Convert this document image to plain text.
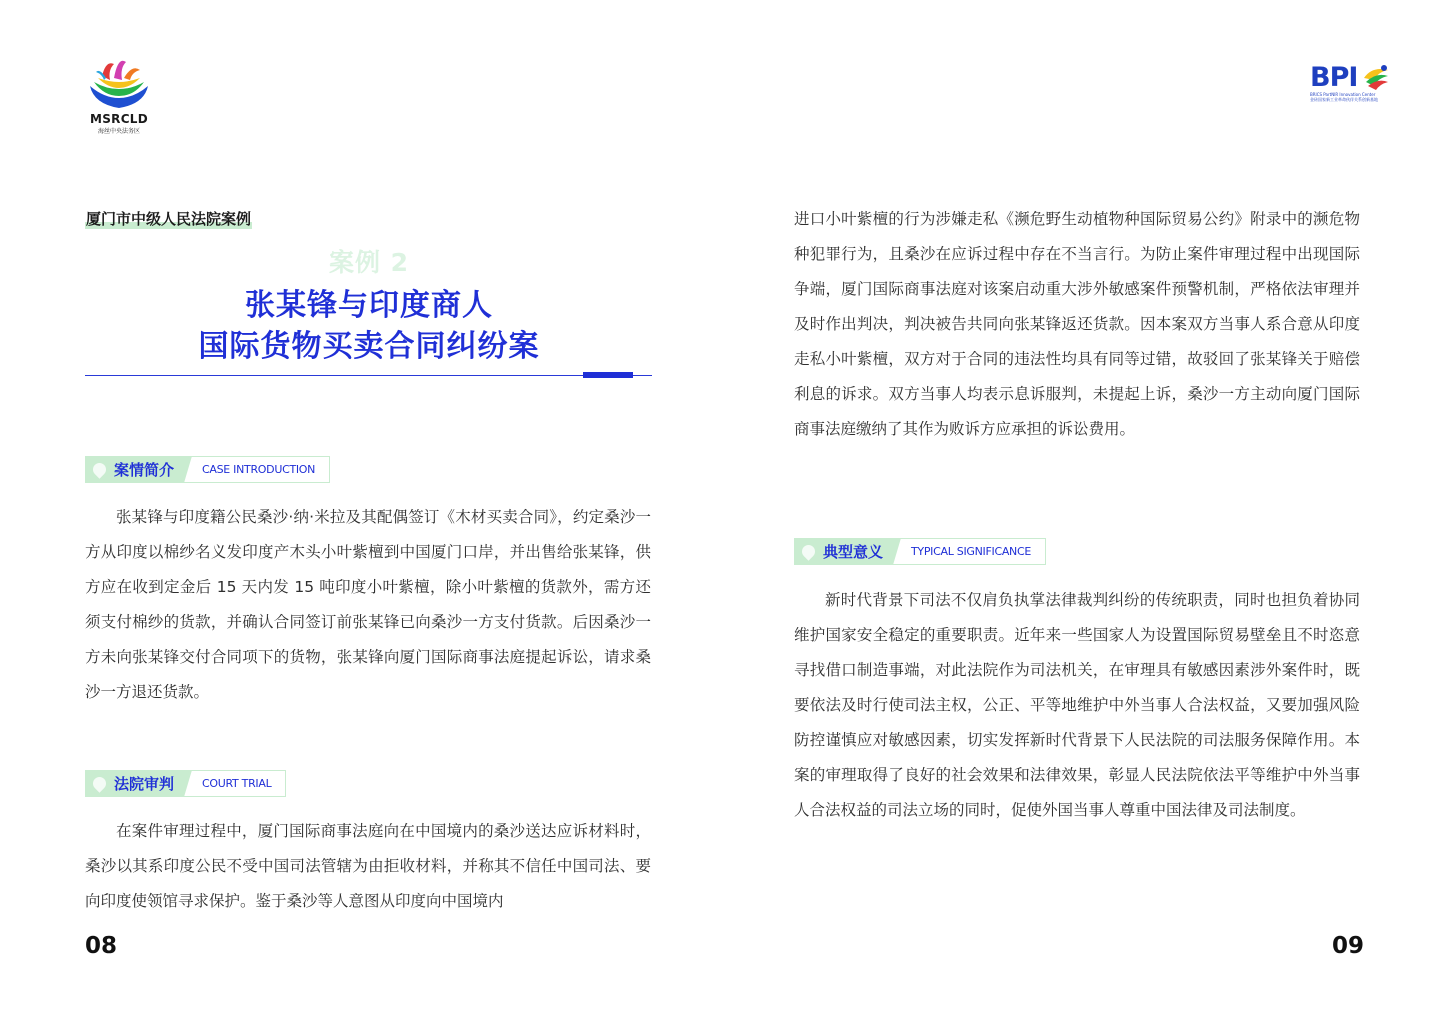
MSRCLD
海丝中央法务区
厦门市中级人民法院案例
案例 2
张某锋与印度商人
国际货物买卖合同纠纷案
案情简介	CASE INTRODUCTION

张某锋与印度籍公民桑沙·纳·米拉及其配偶签订《木材买卖合同》，约定桑沙一方从印度以棉纱名义发印度产木头小叶紫檀到中国厦门口岸，并出售给张某锋，供方应在收到定金后 15 天内发 15 吨印度小叶紫檀，除小叶紫檀的货款外，需方还须支付棉纱的货款，并确认合同签订前张某锋已向桑沙一方支付货款。后因桑沙一方未向张某锋交付合同项下的货物，张某锋向厦门国际商事法庭提起诉讼，请求桑沙一方退还货款。

法院审判	COURT TRIAL

在案件审理过程中，厦门国际商事法庭向在中国境内的桑沙送达应诉材料时，桑沙以其系印度公民不受中国司法管辖为由拒收材料，并称其不信任中国司法、要向印度使领馆寻求保护。鉴于桑沙等人意图从印度向中国境内

08
BPI
BRICS PartNIR Innovation Center
金砖国家新工业革命伙伴关系创新基地

进口小叶紫檀的行为涉嫌走私《濒危野生动植物种国际贸易公约》附录中的濒危物种犯罪行为，且桑沙在应诉过程中存在不当言行。为防止案件审理过程中出现国际争端，厦门国际商事法庭对该案启动重大涉外敏感案件预警机制，严格依法审理并及时作出判决，判决被告共同向张某锋返还货款。因本案双方当事人系合意从印度走私小叶紫檀，双方对于合同的违法性均具有同等过错，故驳回了张某锋关于赔偿利息的诉求。双方当事人均表示息诉服判，未提起上诉，桑沙一方主动向厦门国际商事法庭缴纳了其作为败诉方应承担的诉讼费用。

典型意义	TYPICAL SIGNIFICANCE

新时代背景下司法不仅肩负执掌法律裁判纠纷的传统职责，同时也担负着协同维护国家安全稳定的重要职责。近年来一些国家人为设置国际贸易壁垒且不时恣意寻找借口制造事端，对此法院作为司法机关，在审理具有敏感因素涉外案件时，既要依法及时行使司法主权，公正、平等地维护中外当事人合法权益，又要加强风险防控谨慎应对敏感因素，切实发挥新时代背景下人民法院的司法服务保障作用。本案的审理取得了良好的社会效果和法律效果，彰显人民法院依法平等维护中外当事人合法权益的司法立场的同时，促使外国当事人尊重中国法律及司法制度。

09
